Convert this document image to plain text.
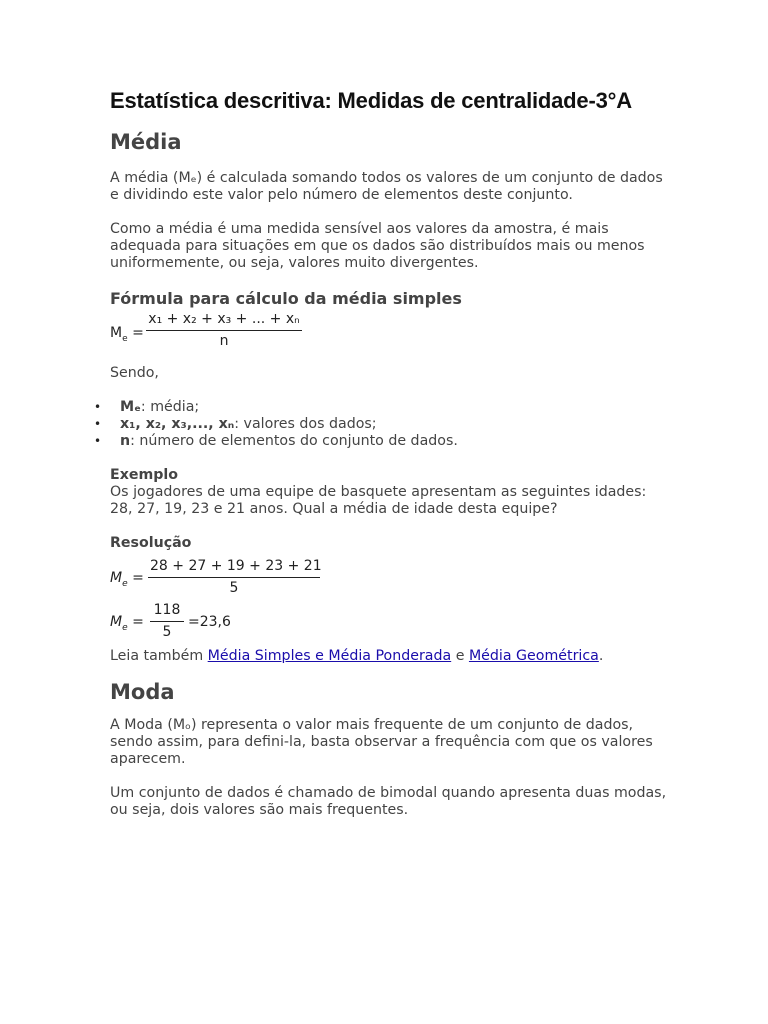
Estatística descritiva: Medidas de centralidade-3°A
Média

A média (Mₑ) é calculada somando todos os valores de um conjunto de dados e dividindo este valor pelo número de elementos deste conjunto.

Como a média é uma medida sensível aos valores da amostra, é mais adequada para situações em que os dados são distribuídos mais ou menos uniformemente, ou seja, valores muito divergentes.

Fórmula para cálculo da média simples
$M_e = \frac{\text{x₁ + x₂ + x₃ + ... + xₙ}}{n}$

Sendo,

• Mₑ: média;
• x₁, x₂, x₃,..., xₙ: valores dos dados;
• n: número de elementos do conjunto de dados.

Exemplo

Os jogadores de uma equipe de basquete apresentam as seguintes idades: 28, 27, 19, 23 e 21 anos. Qual a média de idade desta equipe?

Resolução

$M_e = \frac{28 + 27 + 19 + 23 + 21}{5}$
$M_e = \frac{118}{5} =23,6$

Leia também Média Simples e Média Ponderada e Média Geométrica.

Moda

A Moda (Mₒ) representa o valor mais frequente de um conjunto de dados, sendo assim, para defini-la, basta observar a frequência com que os valores aparecem.

Um conjunto de dados é chamado de bimodal quando apresenta duas modas, ou seja, dois valores são mais frequentes.
